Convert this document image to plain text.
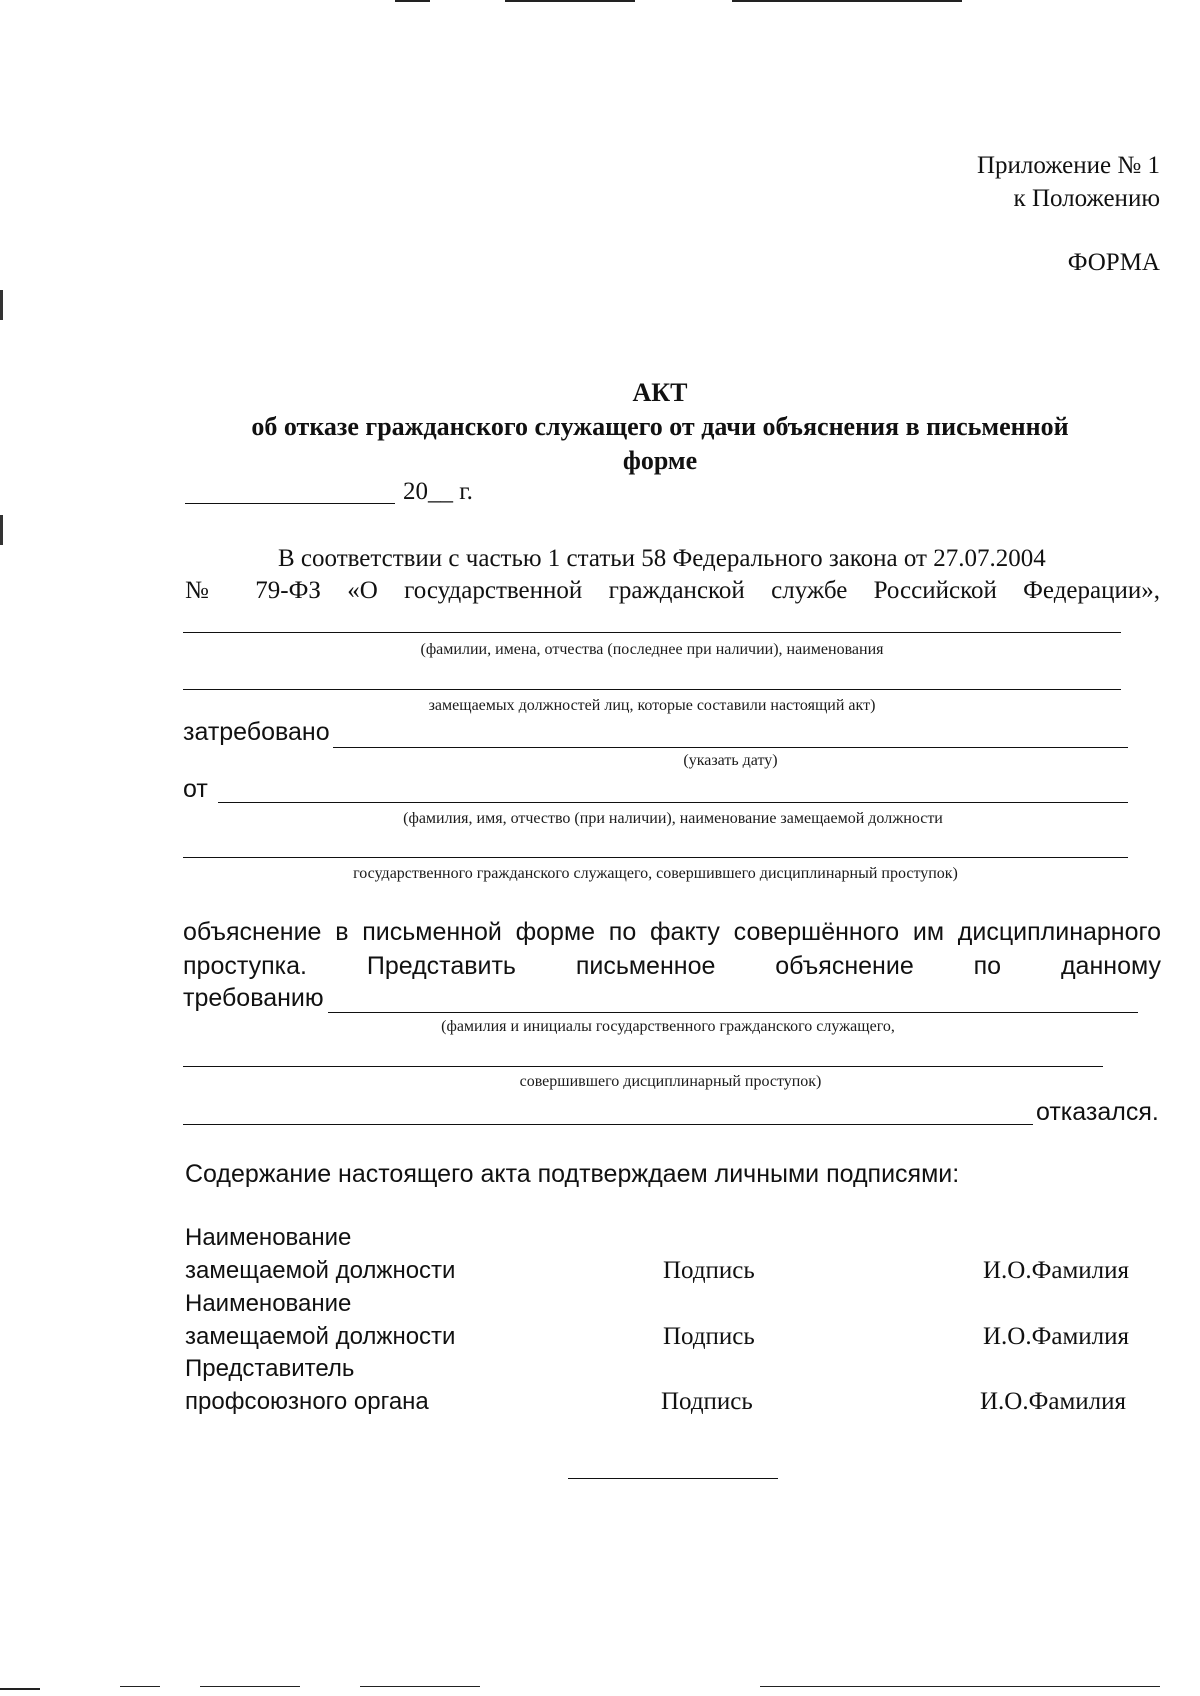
Приложение № 1
к Положению
ФОРМА
АКТ
об отказе гражданского служащего от дачи объяснения в письменной
форме
20__ г.
В соответствии с частью 1 статьи 58 Федерального закона от 27.07.2004
№ 79-ФЗ «О государственной гражданской службе Российской Федерации»,
(фамилии, имена, отчества (последнее при наличии), наименования
замещаемых должностей лиц, которые составили настоящий акт)
затребовано
(указать дату)
от
(фамилия, имя, отчество (при наличии), наименование замещаемой должности
государственного гражданского служащего, совершившего дисциплинарный проступок)
объяснение в письменной форме по факту совершённого им дисциплинарного
проступка. Представить письменное объяснение по данному
требованию
(фамилия и инициалы государственного гражданского служащего,
совершившего дисциплинарный проступок)
отказался.
Содержание настоящего акта подтверждаем личными подписями:
Наименование
замещаемой должности	Подпись	И.О.Фамилия
Наименование
замещаемой должности	Подпись	И.О.Фамилия
Представитель
профсоюзного органа	Подпись	И.О.Фамилия
